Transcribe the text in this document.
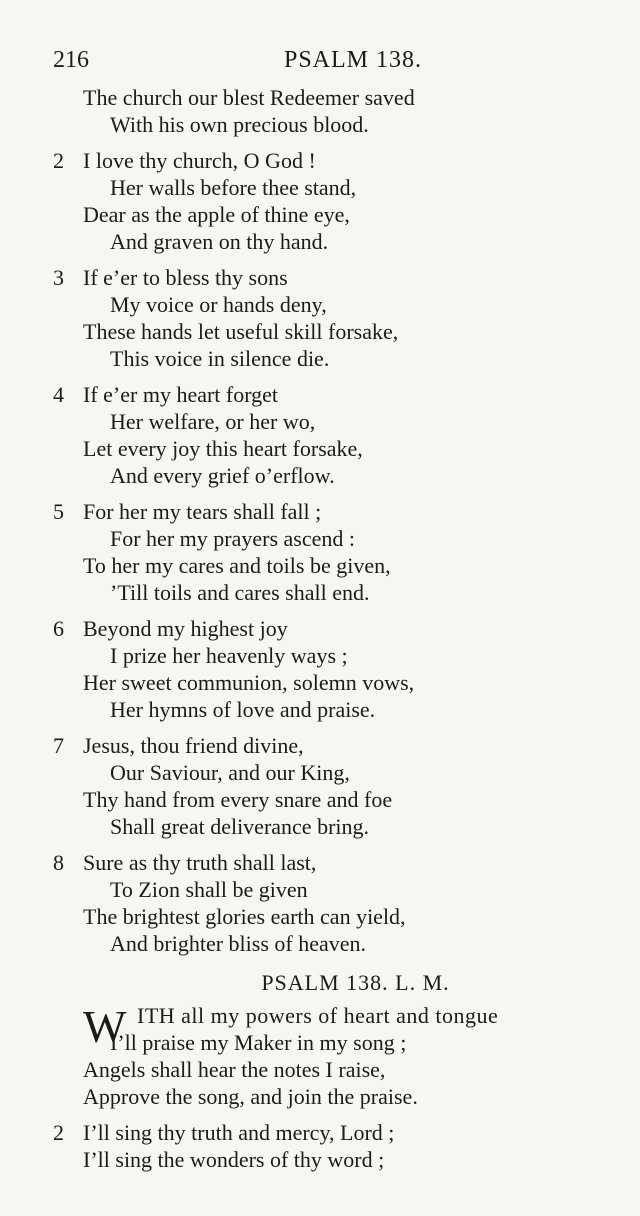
216	PSALM 138.
The church our blest Redeemer saved
With his own precious blood.
2 I love thy church, O God !
Her walls before thee stand,
Dear as the apple of thine eye,
And graven on thy hand.
3 If e’er to bless thy sons
My voice or hands deny,
These hands let useful skill forsake,
This voice in silence die.
4 If e’er my heart forget
Her welfare, or her wo,
Let every joy this heart forsake,
And every grief o’erflow.
5 For her my tears shall fall ;
For her my prayers ascend :
To her my cares and toils be given,
’Till toils and cares shall end.
6 Beyond my highest joy
I prize her heavenly ways ;
Her sweet communion, solemn vows,
Her hymns of love and praise.
7 Jesus, thou friend divine,
Our Saviour, and our King,
Thy hand from every snare and foe
Shall great deliverance bring.
8 Sure as thy truth shall last,
To Zion shall be given
The brightest glories earth can yield,
And brighter bliss of heaven.
PSALM 138. L. M.
W ITH all my powers of heart and tongue
I’ll praise my Maker in my song ;
Angels shall hear the notes I raise,
Approve the song, and join the praise.
2 I’ll sing thy truth and mercy, Lord ;
I’ll sing the wonders of thy word ;
